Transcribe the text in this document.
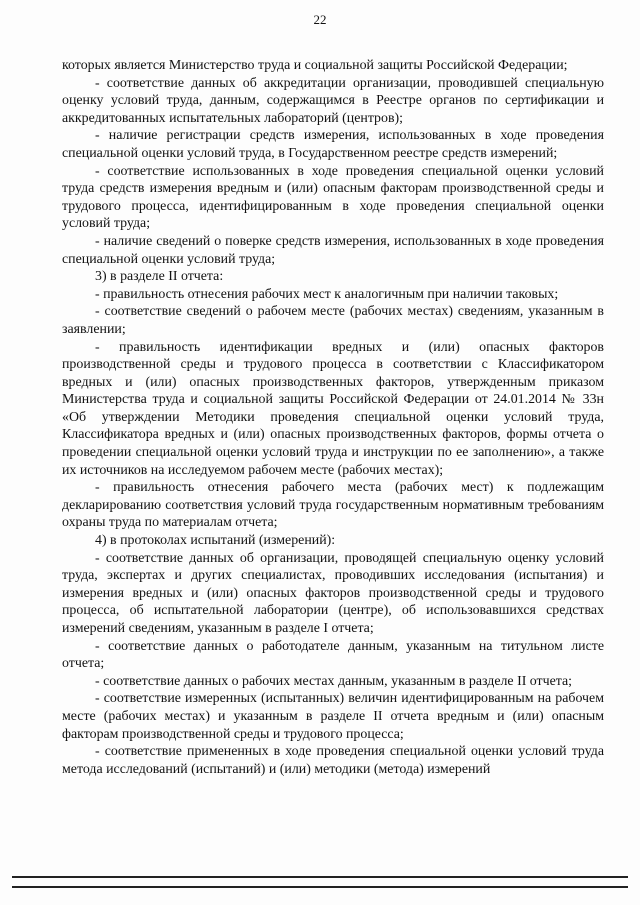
22

которых является Министерство труда и социальной защиты Российской Федерации;

- соответствие данных об аккредитации организации, проводившей специальную оценку условий труда, данным, содержащимся в Реестре органов по сертификации и аккредитованных испытательных лабораторий (центров);

- наличие регистрации средств измерения, использованных в ходе проведения специальной оценки условий труда, в Государственном реестре средств измерений;

- соответствие использованных в ходе проведения специальной оценки условий труда средств измерения вредным и (или) опасным факторам производственной среды и трудового процесса, идентифицированным в ходе проведения специальной оценки условий труда;

- наличие сведений о поверке средств измерения, использованных в ходе проведения специальной оценки условий труда;

3) в разделе II отчета:

- правильность отнесения рабочих мест к аналогичным при наличии таковых;

- соответствие сведений о рабочем месте (рабочих местах) сведениям, указанным в заявлении;

- правильность идентификации вредных и (или) опасных факторов производственной среды и трудового процесса в соответствии с Классификатором вредных и (или) опасных производственных факторов, утвержденным приказом Министерства труда и социальной защиты Российской Федерации от 24.01.2014 № 33н «Об утверждении Методики проведения специальной оценки условий труда, Классификатора вредных и (или) опасных производственных факторов, формы отчета о проведении специальной оценки условий труда и инструкции по ее заполнению», а также их источников на исследуемом рабочем месте (рабочих местах);

- правильность отнесения рабочего места (рабочих мест) к подлежащим декларированию соответствия условий труда государственным нормативным требованиям охраны труда по материалам отчета;

4) в протоколах испытаний (измерений):

- соответствие данных об организации, проводящей специальную оценку условий труда, экспертах и других специалистах, проводивших исследования (испытания) и измерения вредных и (или) опасных факторов производственной среды и трудового процесса, об испытательной лаборатории (центре), об использовавшихся средствах измерений сведениям, указанным в разделе I отчета;

- соответствие данных о работодателе данным, указанным на титульном листе отчета;

- соответствие данных о рабочих местах данным, указанным в разделе II отчета;

- соответствие измеренных (испытанных) величин идентифицированным на рабочем месте (рабочих местах) и указанным в разделе II отчета вредным и (или) опасным факторам производственной среды и трудового процесса;

- соответствие примененных в ходе проведения специальной оценки условий труда метода исследований (испытаний) и (или) методики (метода) измерений
